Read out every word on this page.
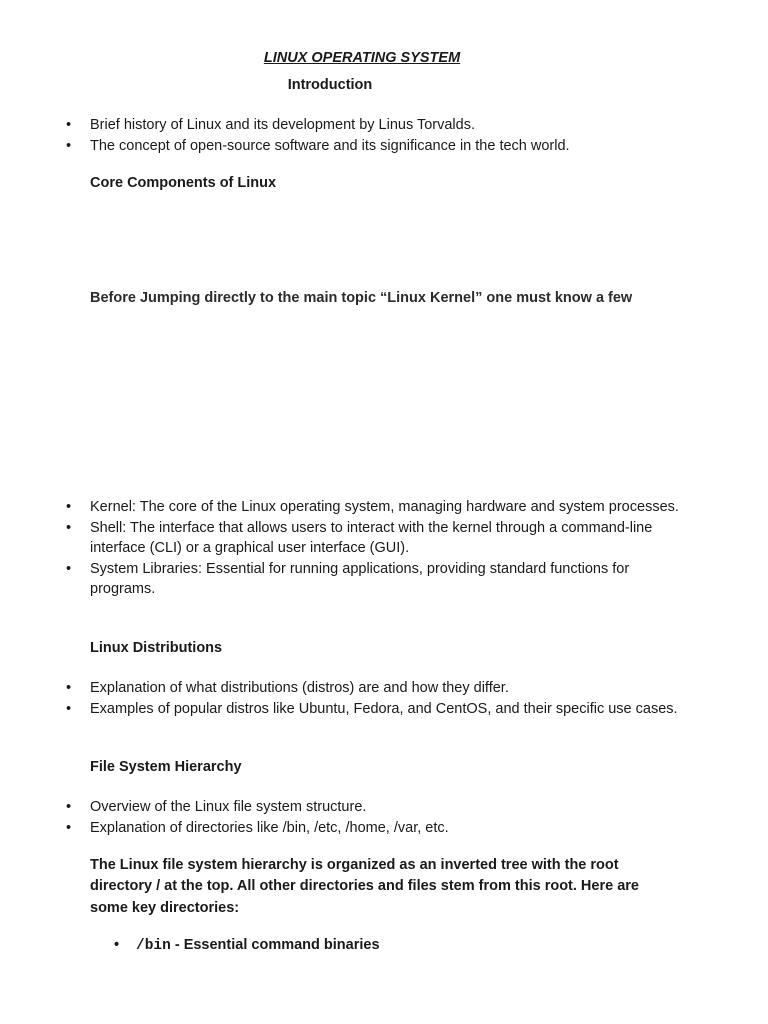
LINUX OPERATING SYSTEM
Introduction
• Brief history of Linux and its development by Linus Torvalds.
• The concept of open-source software and its significance in the tech world.
Core Components of Linux
Before Jumping directly to the main topic “Linux Kernel” one must know a few
• Kernel: The core of the Linux operating system, managing hardware and system processes.
• Shell: The interface that allows users to interact with the kernel through a command-line interface (CLI) or a graphical user interface (GUI).
• System Libraries: Essential for running applications, providing standard functions for programs.
Linux Distributions
• Explanation of what distributions (distros) are and how they differ.
• Examples of popular distros like Ubuntu, Fedora, and CentOS, and their specific use cases.
File System Hierarchy
• Overview of the Linux file system structure.
• Explanation of directories like /bin, /etc, /home, /var, etc.
The Linux file system hierarchy is organized as an inverted tree with the root directory / at the top. All other directories and files stem from this root. Here are some key directories:
• /bin - Essential command binaries
